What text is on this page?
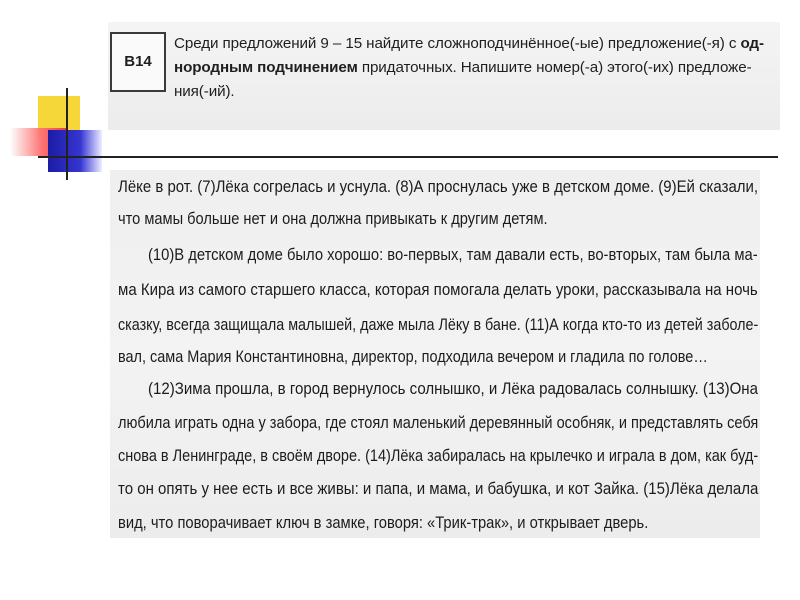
B14
Среди предложений 9 – 15 найдите сложноподчинённое(-ые) предложение(-я) с од-
нородным подчинением придаточных. Напишите номер(-а) этого(-их) предложе-
ния(-ий).
Лёке в рот. (7)Лёка согрелась и уснула. (8)А проснулась уже в детском доме. (9)Ей сказали,
что мамы больше нет и она должна привыкать к другим детям.
(10)В детском доме было хорошо: во-первых, там давали есть, во-вторых, там была ма-
ма Кира из самого старшего класса, которая помогала делать уроки, рассказывала на ночь
сказку, всегда защищала малышей, даже мыла Лёку в бане. (11)А когда кто-то из детей заболе-
вал, сама Мария Константиновна, директор, подходила вечером и гладила по голове…
(12)Зима прошла, в город вернулось солнышко, и Лёка радовалась солнышку. (13)Она
любила играть одна у забора, где стоял маленький деревянный особняк, и представлять себя
снова в Ленинграде, в своём дворе. (14)Лёка забиралась на крылечко и играла в дом, как буд-
то он опять у нее есть и все живы: и папа, и мама, и бабушка, и кот Зайка. (15)Лёка делала
вид, что поворачивает ключ в замке, говоря: «Трик-трак», и открывает дверь.
